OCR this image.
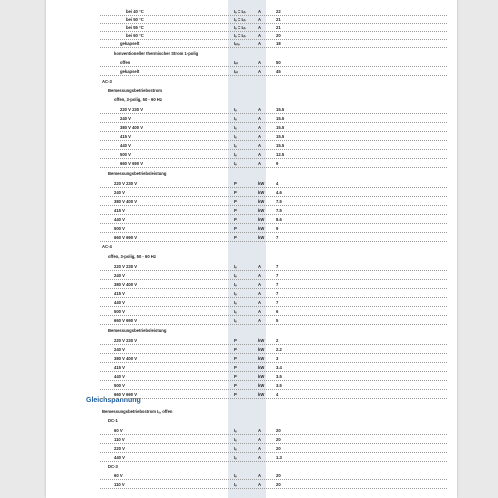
Gleichspannung
bei 40 °C	Iₑ = Iₜₕ	A	22
bei 50 °C	Iₑ = Iₜₕ	A	21
bei 55 °C	Iₑ = Iₜₕ	A	21
bei 60 °C	Iₑ = Iₜₕ	A	20
gekapselt	Iₜₕₑ	A	18
konventioneller thermischer Strom 1-polig
offen	Iₜₕ	A	50
gekapselt	Iₜₕ	A	45
AC-3
Bemessungsbetriebsstrom
offen, 3-polig, 50 - 60 Hz
220 V 230 V	Iₑ	A	15.5
240 V	Iₑ	A	15.5
380 V 400 V	Iₑ	A	15.5
415 V	Iₑ	A	15.5
440 V	Iₑ	A	15.5
500 V	Iₑ	A	12.5
660 V 690 V	Iₑ	A	9
Bemessungsbetriebsleistung
220 V 230 V	P	kW	4
240 V	P	kW	4.6
380 V 400 V	P	kW	7.5
415 V	P	kW	7.5
440 V	P	kW	8.6
500 V	P	kW	9
660 V 690 V	P	kW	7
AC-4
offen, 3-polig, 50 - 60 Hz
220 V 230 V	Iₑ	A	7
240 V	Iₑ	A	7
380 V 400 V	Iₑ	A	7
415 V	Iₑ	A	7
440 V	Iₑ	A	7
500 V	Iₑ	A	6
660 V 690 V	Iₑ	A	5
Bemessungsbetriebsleistung
220 V 230 V	P	kW	2
240 V	P	kW	2.2
380 V 400 V	P	kW	3
415 V	P	kW	3.4
440 V	P	kW	3.5
500 V	P	kW	3.5
660 V 690 V	P	kW	4
Bemessungsbetriebsstrom Iₑ, offen
DC-1
60 V	Iₑ	A	20
110 V	Iₑ	A	20
220 V	Iₑ	A	20
440 V	Iₑ	A	1.3
DC-3
60 V	Iₑ	A	20
110 V	Iₑ	A	20
